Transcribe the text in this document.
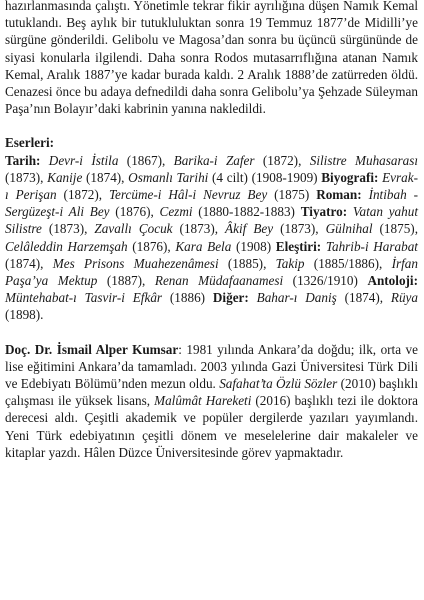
hazırlanmasında çalıştı. Yönetimle tekrar fikir ayrılığına düşen Namık Kemal tutuklandı. Beş aylık bir tutukluluktan sonra 19 Temmuz 1877’de Midilli’ye sürgüne gönderildi. Gelibolu ve Magosa’dan sonra bu üçüncü sürgününde de siyasi konularla ilgilendi. Daha sonra Rodos mutasarrıflığına atanan Namık Kemal, Aralık 1887’ye kadar burada kaldı. 2 Aralık 1888’de zatürreden öldü. Cenazesi önce bu adaya defnedildi daha sonra Gelibolu’ya Şehzade Süleyman Paşa’nın Bolayır’daki kabrinin yanına nakledildi.

Eserleri:

Tarih: Devr-i İstila (1867), Barika-i Zafer (1872), Silistre Muhasarası (1873), Kanije (1874), Osmanlı Tarihi (4 cilt) (1908-1909) Biyografi: Evrak-ı Perişan (1872), Tercüme-i Hâl-i Nevruz Bey (1875) Roman: İntibah - Sergüzeşt-i Ali Bey (1876), Cezmi (1880-1882-1883) Tiyatro: Vatan yahut Silistre (1873), Zavallı Çocuk (1873), Âkif Bey (1873), Gülnihal (1875), Celâleddin Harzemşah (1876), Kara Bela (1908) Eleştiri: Tahrib-i Harabat (1874), Mes Prisons Muahezenâmesi (1885), Takip (1885/1886), İrfan Paşa’ya Mektup (1887), Renan Müdafaanamesi (1326/1910) Antoloji: Müntehabat-ı Tasvir-i Efkâr (1886) Diğer: Bahar-ı Daniş (1874), Rüya (1898).

Doç. Dr. İsmail Alper Kumsar: 1981 yılında Ankara’da doğdu; ilk, orta ve lise eğitimini Ankara’da tamamladı. 2003 yılında Gazi Üniversitesi Türk Dili ve Edebiyatı Bölümü’nden mezun oldu. Safahat’ta Özlü Sözler (2010) başlıklı çalışması ile yüksek lisans, Malûmât Hareketi (2016) başlıklı tezi ile doktora derecesi aldı. Çeşitli akademik ve popüler dergilerde yazıları yayımlandı. Yeni Türk edebiyatının çeşitli dönem ve meselelerine dair makaleler ve kitaplar yazdı. Hâlen Düzce Üniversitesinde görev yapmaktadır.
